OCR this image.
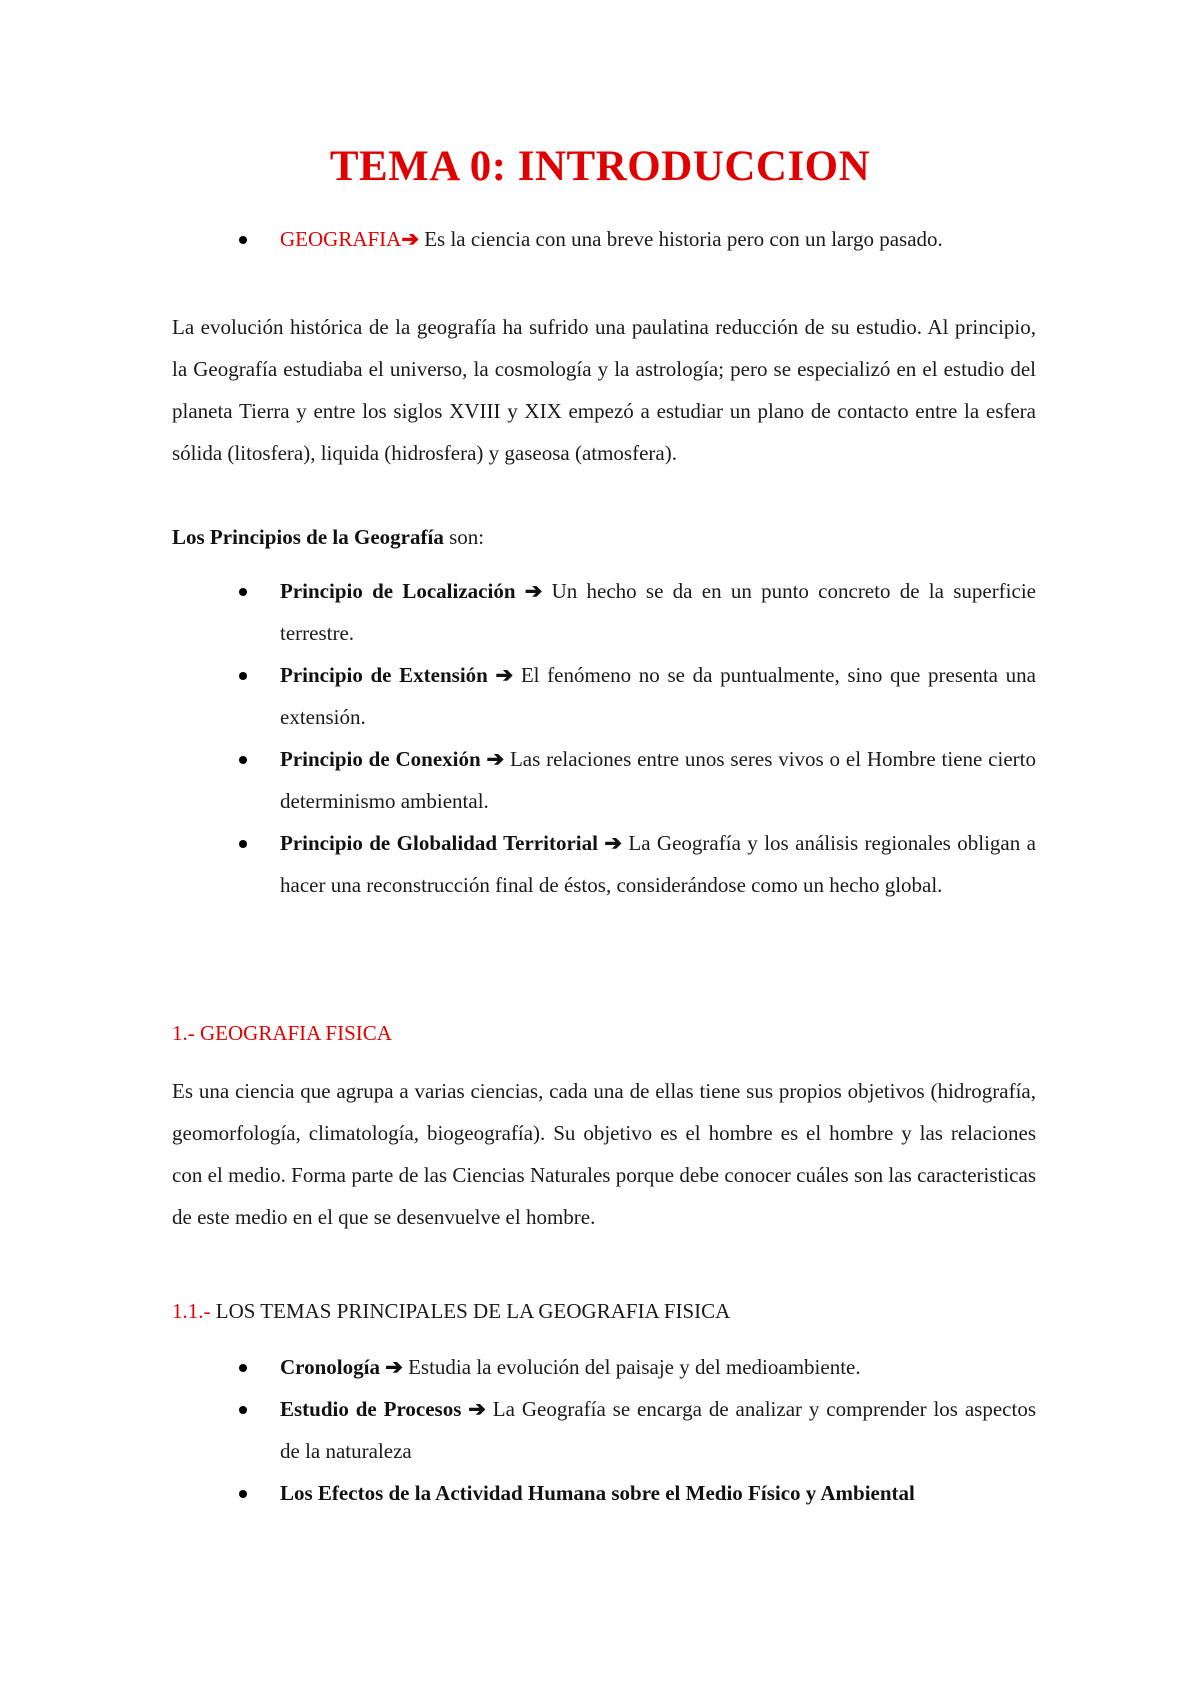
TEMA 0: INTRODUCCION
GEOGRAFIA➔ Es la ciencia con una breve historia pero con un largo pasado.

La evolución histórica de la geografía ha sufrido una paulatina reducción de su estudio. Al principio, la Geografía estudiaba el universo, la cosmología y la astrología; pero se especializó en el estudio del planeta Tierra y entre los siglos XVIII y XIX empezó a estudiar un plano de contacto entre la esfera sólida (litosfera), liquida (hidrosfera) y gaseosa (atmosfera).

Los Principios de la Geografía son:

Principio de Localización ➔ Un hecho se da en un punto concreto de la superficie terrestre.
Principio de Extensión ➔ El fenómeno no se da puntualmente, sino que presenta una extensión.
Principio de Conexión ➔ Las relaciones entre unos seres vivos o el Hombre tiene cierto determinismo ambiental.
Principio de Globalidad Territorial ➔ La Geografía y los análisis regionales obligan a hacer una reconstrucción final de éstos, considerándose como un hecho global.
1.- GEOGRAFIA FISICA

Es una ciencia que agrupa a varias ciencias, cada una de ellas tiene sus propios objetivos (hidrografía, geomorfología, climatología, biogeografía). Su objetivo es el hombre es el hombre y las relaciones con el medio. Forma parte de las Ciencias Naturales porque debe conocer cuáles son las caracteristicas de este medio en el que se desenvuelve el hombre.

1.1.- LOS TEMAS PRINCIPALES DE LA GEOGRAFIA FISICA
Cronología ➔ Estudia la evolución del paisaje y del medioambiente.
Estudio de Procesos ➔ La Geografía se encarga de analizar y comprender los aspectos de la naturaleza
Los Efectos de la Actividad Humana sobre el Medio Físico y Ambiental
